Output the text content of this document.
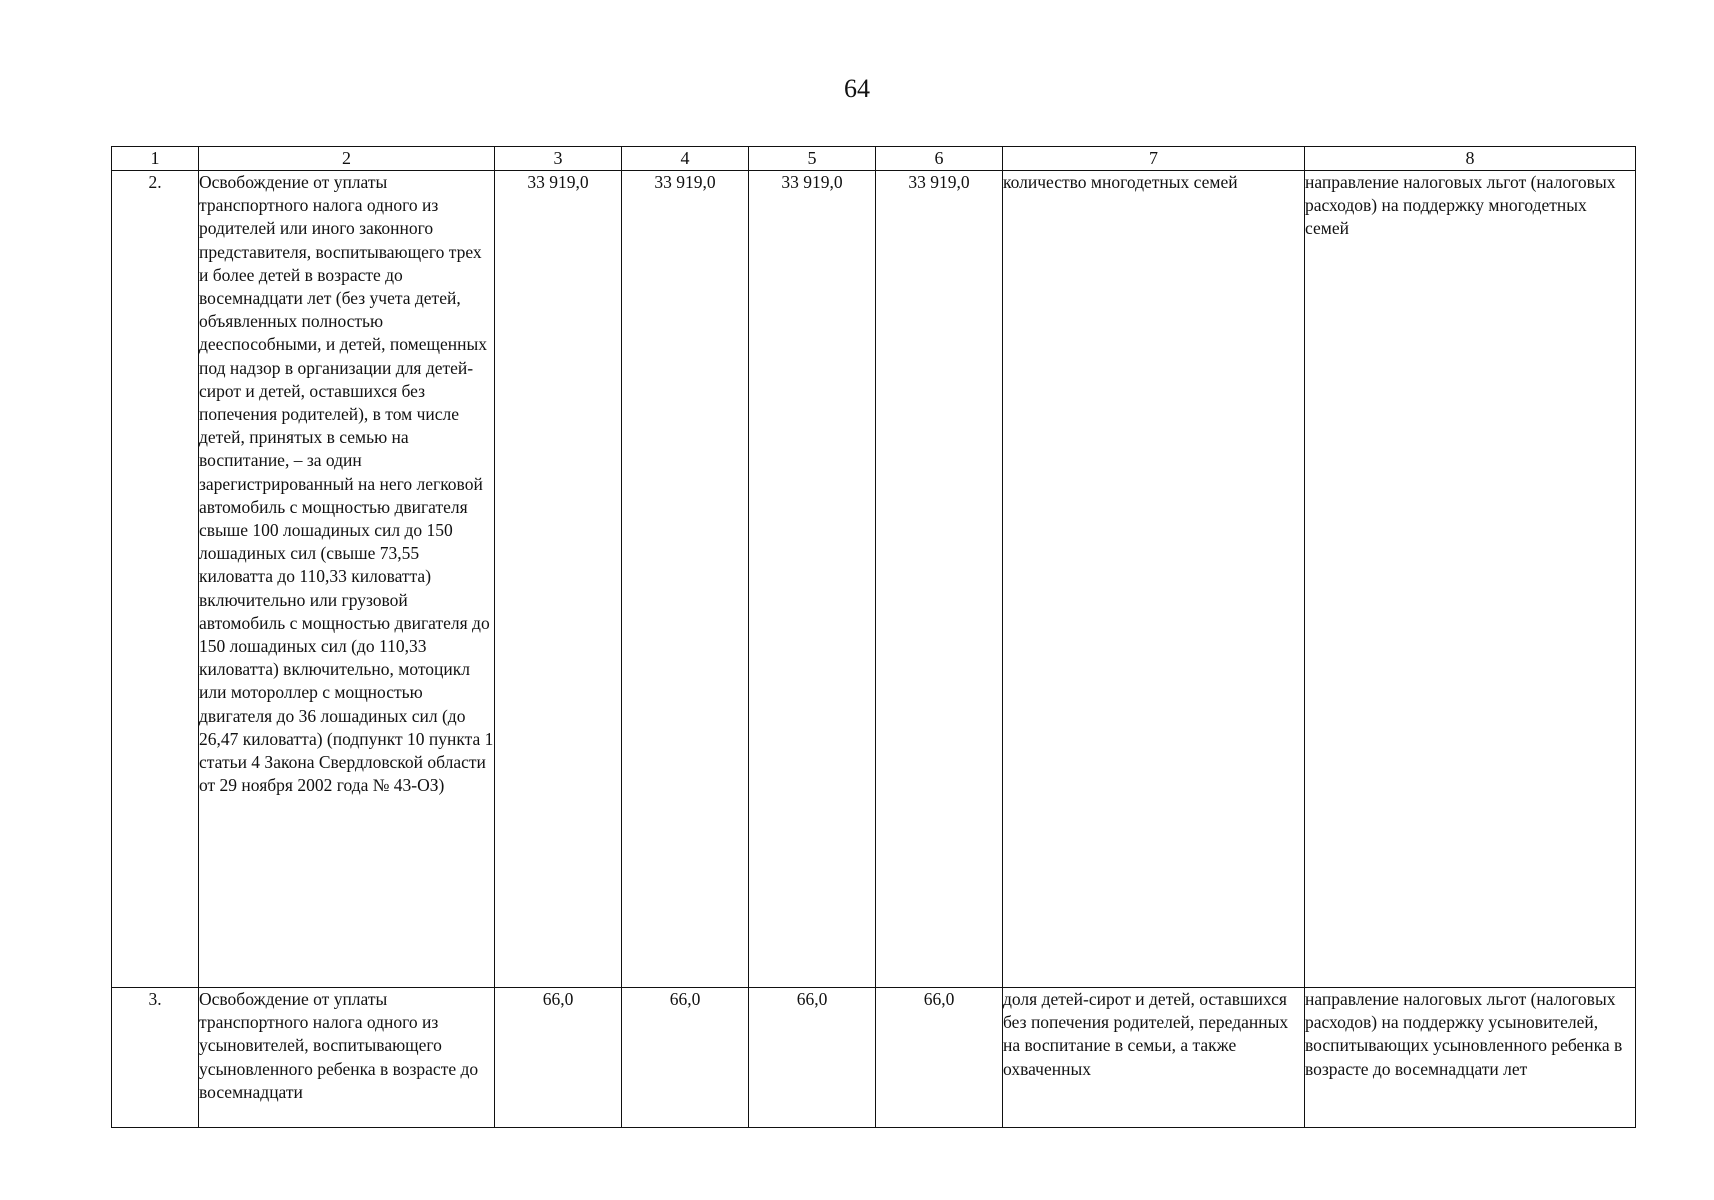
64
1	2	3	4	5	6	7	8
2.	Освобождение от уплаты транспортного налога одного из родителей или иного законного представителя, воспитывающего трех и более детей в возрасте до восемнадцати лет (без учета детей, объявленных полностью дееспособными, и детей, помещенных под надзор в организации для детей-сирот и детей, оставшихся без попечения родителей), в том числе детей, принятых в семью на воспитание, – за один зарегистрированный на него легковой автомобиль с мощностью двигателя свыше 100 лошадиных сил до 150 лошадиных сил (свыше 73,55 киловатта до 110,33 киловатта) включительно или грузовой автомобиль с мощностью двигателя до 150 лошадиных сил (до 110,33 киловатта) включительно, мотоцикл или мотороллер с мощностью двигателя до 36 лошадиных сил (до 26,47 киловатта) (подпункт 10 пункта 1 статьи 4 Закона Свердловской области от 29 ноября 2002 года № 43-ОЗ)	33 919,0	33 919,0	33 919,0	33 919,0	количество многодетных семей	направление налоговых льгот (налоговых расходов) на поддержку многодетных семей
3.	Освобождение от уплаты транспортного налога одного из усыновителей, воспитывающего усыновленного ребенка в возрасте до восемнадцати	66,0	66,0	66,0	66,0	доля детей-сирот и детей, оставшихся без попечения родителей, переданных на воспитание в семьи, а также охваченных	направление налоговых льгот (налоговых расходов) на поддержку усыновителей, воспитывающих усыновленного ребенка в возрасте до восемнадцати лет
